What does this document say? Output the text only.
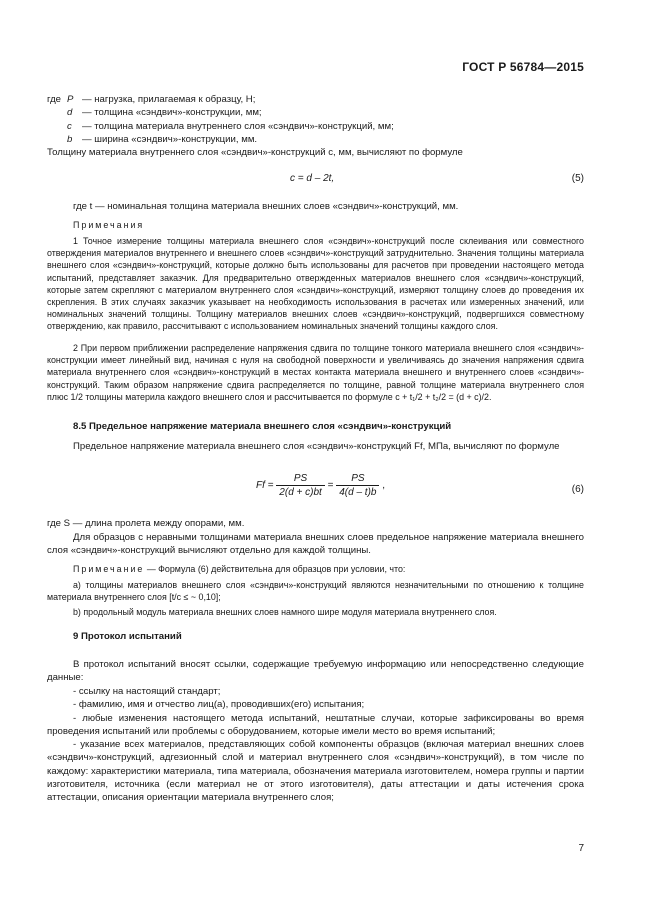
ГОСТ Р 56784—2015
где P — нагрузка, прилагаемая к образцу, Н;
d — толщина «сэндвич»-конструкции, мм;
c — толщина материала внутреннего слоя «сэндвич»-конструкций, мм;
b — ширина «сэндвич»-конструкции, мм.
Толщину материала внутреннего слоя «сэндвич»-конструкций с, мм, вычисляют по формуле
c = d – 2t,	(5)
где t — номинальная толщина материала внешних слоев «сэндвич»-конструкций, мм.
Примечания
1 Точное измерение толщины материала внешнего слоя «сэндвич»-конструкций после склеивания или совместного отверждения материалов внутреннего и внешнего слоев «сэндвич»-конструкций затруднительно. Значения толщины материала внешнего слоя «сэндвич»-конструкций, которые должно быть использованы для расчетов при проведении настоящего метода испытаний, представляет заказчик. Для предварительно отвержденных материалов внешнего слоя «сэндвич»-конструкций, которые затем скрепляют с материалом внутреннего слоя «сэндвич»-конструкций, измеряют толщину слоев до проведения их скрепления. В этих случаях заказчик указывает на необходимость использования в расчетах или измеренных значений, или номинальных значений толщины. Толщину материалов внешних слоев «сэндвич»-конструкций, подвергшихся совместному отверждению, как правило, рассчитывают с использованием номинальных значений толщины каждого слоя.
2 При первом приближении распределение напряжения сдвига по толщине тонкого материала внешнего слоя «сэндвич»-конструкции имеет линейный вид, начиная с нуля на свободной поверхности и увеличиваясь до значения напряжения сдвига материала внутреннего слоя «сэндвич»-конструкций в местах контакта материала внешнего и внутреннего слоев «сэндвич»-конструкций. Таким образом напряжение сдвига распределяется по толщине, равной толщине материала внутреннего слоя плюс 1/2 толщины материла каждого внешнего слоя и рассчитывается по формуле c + t₁/2 + t₂/2 = (d + c)/2.
8.5 Предельное напряжение материала внешнего слоя «сэндвич»-конструкций
Предельное напряжение материала внешнего слоя «сэндвич»-конструкций Ff, МПа, вычисляют по формуле
$Ff = \frac{PS}{2(d + c)bt} = \frac{PS}{4(d - t)b}$ ,	(6)
где S — длина пролета между опорами, мм.
Для образцов с неравными толщинами материала внешних слоев предельное напряжение материала внешнего слоя «сэндвич»-конструкций вычисляют отдельно для каждой толщины.
Примечание — Формула (6) действительна для образцов при условии, что:
a) толщины материалов внешнего слоя «сэндвич»-конструкций являются незначительными по отношению к толщине материала внутреннего слоя [t/c ≤ ~ 0,10];
b) продольный модуль материала внешних слоев намного шире модуля материала внутреннего слоя.
9 Протокол испытаний
В протокол испытаний вносят ссылки, содержащие требуемую информацию или непосредственно следующие данные:
- ссылку на настоящий стандарт;
- фамилию, имя и отчество лиц(а), проводивших(его) испытания;
- любые изменения настоящего метода испытаний, нештатные случаи, которые зафиксированы во время проведения испытаний или проблемы с оборудованием, которые имели место во время испытаний;
- указание всех материалов, представляющих собой компоненты образцов (включая материал внешних слоев «сэндвич»-конструкций, адгезионный слой и материал внутреннего слоя «сэндвич»-конструкций), в том числе по каждому: характеристики материала, типа материала, обозначения материала изготовителем, номера группы и партии изготовителя, источника (если материал не от этого изготовителя), даты аттестации и даты истечения срока аттестации, описания ориентации материала внутреннего слоя;
7
